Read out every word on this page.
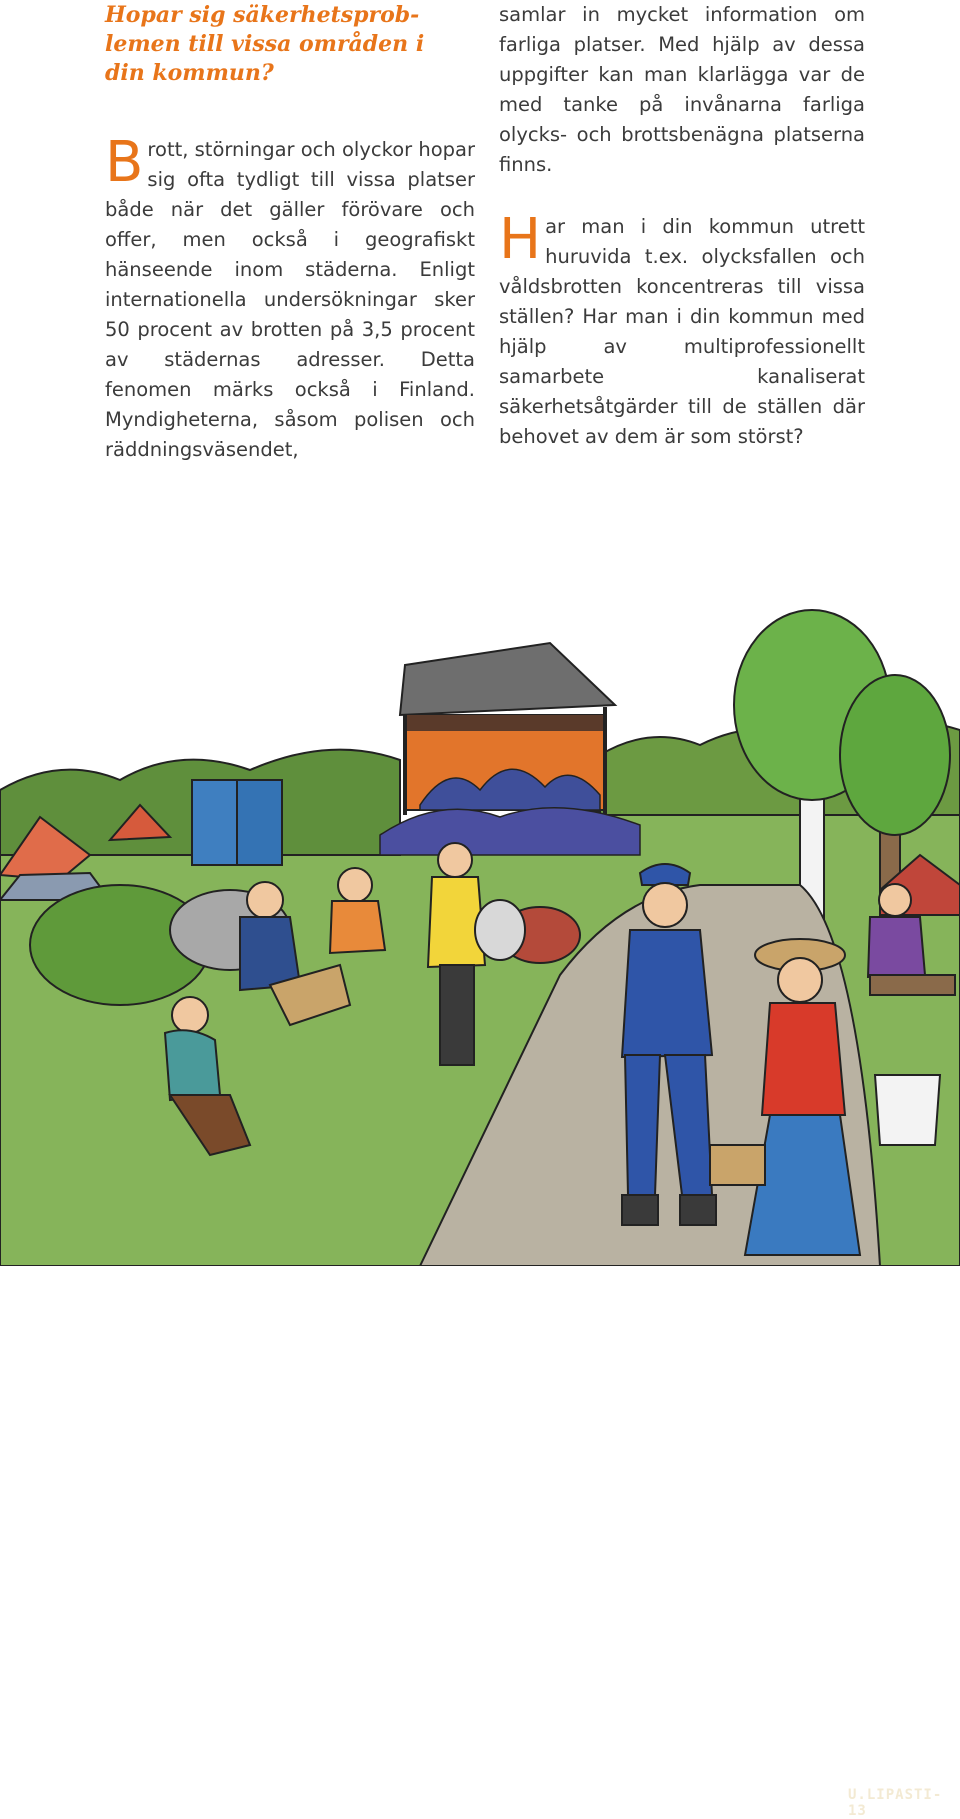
Hopar sig säkerhetsprob-
lemen till vissa områden i
din kommun?

Brott, störningar och olyckor hopar sig ofta tydligt till vissa platser både när det gäller förövare och offer, men också i geografiskt hänseende inom städerna. Enligt internationella undersökningar sker 50 procent av brotten på 3,5 procent av städernas adresser. Detta fenomen märks också i Finland. Myndigheterna, såsom polisen och räddningsväsendet,

samlar in mycket information om farliga platser. Med hjälp av dessa uppgifter kan man klarlägga var de med tanke på invånarna farliga olycks- och brottsbenägna platserna finns.

Har man i din kommun utrett huruvida t.ex. olycksfallen och våldsbrotten koncentreras till vissa ställen? Har man i din kommun med hjälp av multiprofessionellt samarbete kanaliserat säkerhetsåtgärder till de ställen där behovet av dem är som störst?

U.LIPASTI-13
